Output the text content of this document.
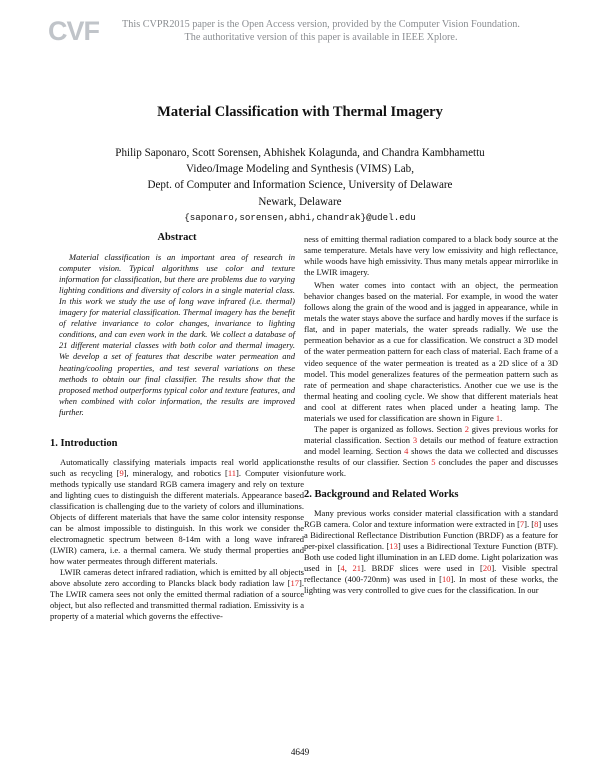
CVF	This CVPR2015 paper is the Open Access version, provided by the Computer Vision Foundation.
The authoritative version of this paper is available in IEEE Xplore.
Material Classification with Thermal Imagery
Philip Saponaro, Scott Sorensen, Abhishek Kolagunda, and Chandra Kambhamettu
Video/Image Modeling and Synthesis (VIMS) Lab,
Dept. of Computer and Information Science, University of Delaware
Newark, Delaware
{saponaro,sorensen,abhi,chandrak}@udel.edu
Abstract

Material classification is an important area of research in computer vision. Typical algorithms use color and texture information for classification, but there are problems due to varying lighting conditions and diversity of colors in a single material class. In this work we study the use of long wave infrared (i.e. thermal) imagery for material classification. Thermal imagery has the benefit of relative invariance to color changes, invariance to lighting conditions, and can even work in the dark. We collect a database of 21 different material classes with both color and thermal imagery. We develop a set of features that describe water permeation and heating/cooling properties, and test several variations on these methods to obtain our final classifier. The results show that the proposed method outperforms typical color and texture features, and when combined with color information, the results are improved further.

1. Introduction

Automatically classifying materials impacts real world applications such as recycling [9], mineralogy, and robotics [11]. Computer vision methods typically use standard RGB camera imagery and rely on texture and lighting cues to distinguish the different materials. Appearance based classification is challenging due to the variety of colors and illuminations. Objects of different materials that have the same color intensity response can be almost impossible to distinguish. In this work we consider the electromagnetic spectrum between 8-14m with a long wave infrared (LWIR) camera, i.e. a thermal camera. We study thermal properties and how water permeates through different materials.

LWIR cameras detect infrared radiation, which is emitted by all objects above absolute zero according to Plancks black body radiation law [17]. The LWIR camera sees not only the emitted thermal radiation of a source object, but also reflected and transmitted thermal radiation. Emissivity is a property of a material which governs the effective-

ness of emitting thermal radiation compared to a black body source at the same temperature. Metals have very low emissivity and high reflectance, while woods have high emissivity. Thus many metals appear mirrorlike in the LWIR imagery.

When water comes into contact with an object, the permeation behavior changes based on the material. For example, in wood the water follows along the grain of the wood and is jagged in appearance, while in metals the water stays above the surface and hardly moves if the surface is flat, and in paper materials, the water spreads radially. We use the permeation behavior as a cue for classification. We construct a 3D model of the water permeation pattern for each class of material. Each frame of a video sequence of the water permeation is treated as a 2D slice of a 3D model. This model generalizes features of the permeation pattern such as rate of permeation and shape characteristics. Another cue we use is the thermal heating and cooling cycle. We show that different materials heat and cool at different rates when placed under a heating lamp. The materials we used for classification are shown in Figure 1.

The paper is organized as follows. Section 2 gives previous works for material classification. Section 3 details our method of feature extraction and model learning. Section 4 shows the data we collected and discusses the results of our classifier. Section 5 concludes the paper and discusses future work.

2. Background and Related Works

Many previous works consider material classification with a standard RGB camera. Color and texture information were extracted in [7]. [8] uses a Bidirectional Reflectance Distribution Function (BRDF) as a feature for per-pixel classification. [13] uses a Bidirectional Texture Function (BTF). Both use coded light illumination in an LED dome. Light polarization was used in [4, 21]. BRDF slices were used in [20]. Visible spectral reflectance (400-720nm) was used in [10]. In most of these works, the lighting was very controlled to give cues for the classification. In our

4649
